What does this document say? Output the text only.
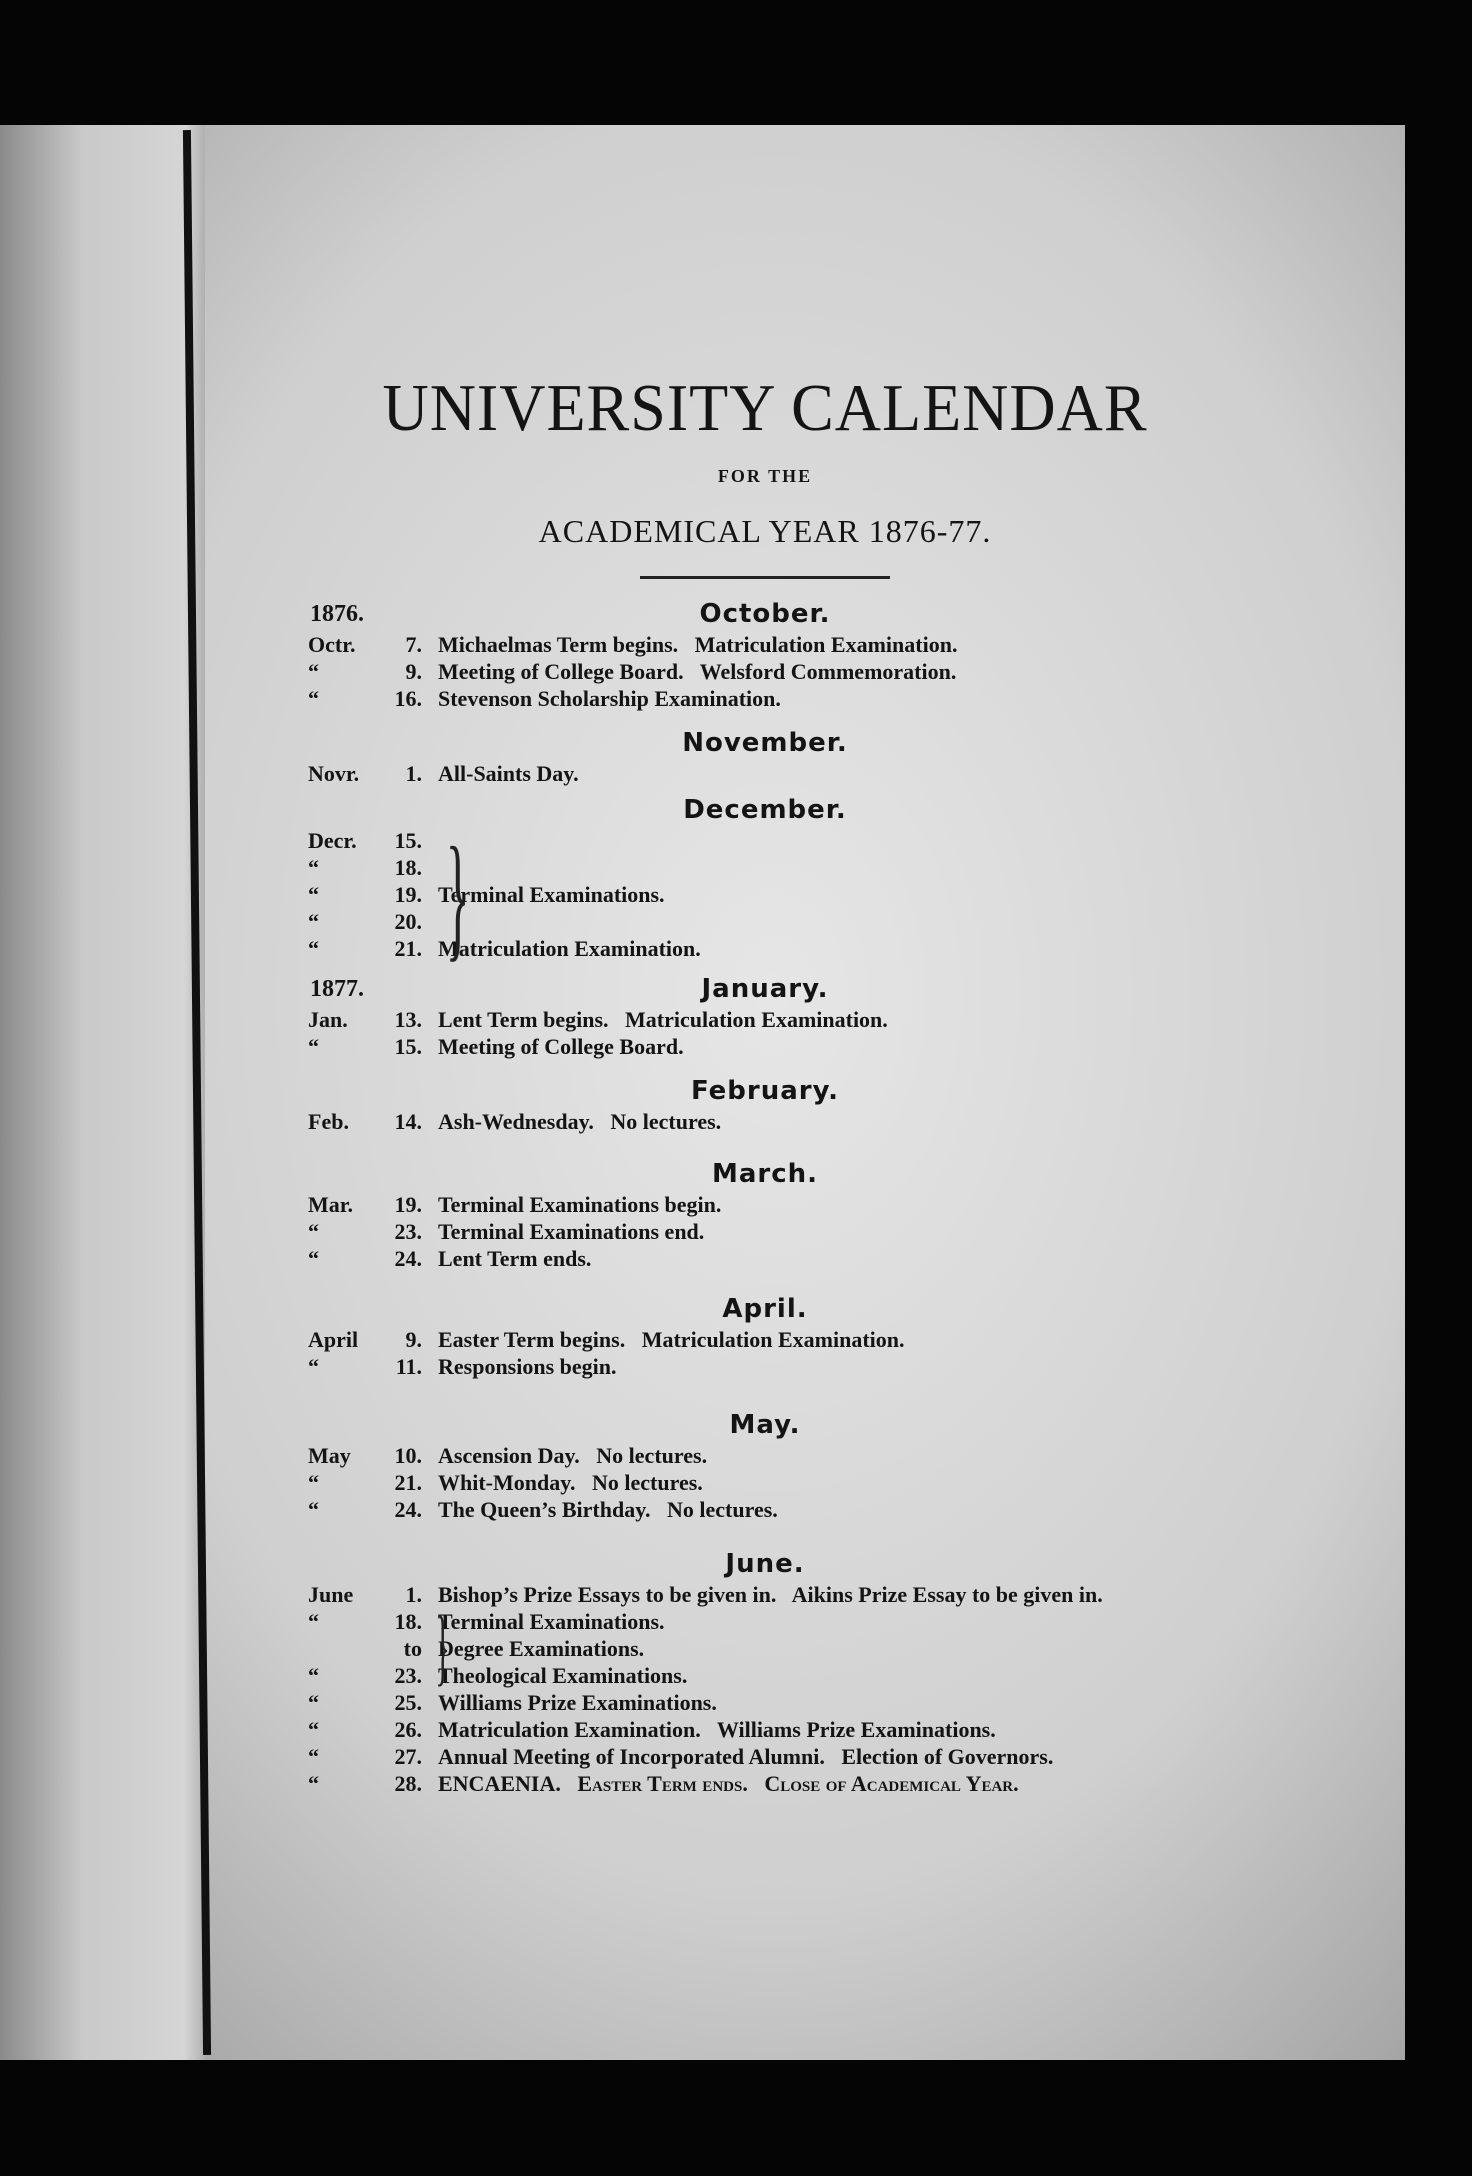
UNIVERSITY CALENDAR
FOR THE
ACADEMICAL YEAR 1876-77.
1876.	October.
Octr.	7. Michaelmas Term begins.   Matriculation Examination.
“	9. Meeting of College Board.   Welsford Commemoration.
“	16. Stevenson Scholarship Examination.
November.
Novr.	1. All-Saints Day.
December.
Decr.	15.
“	18.
“	19. Terminal Examinations.
“	20.
“	21. Matriculation Examination.
}
1877.	January.
Jan.	13. Lent Term begins.   Matriculation Examination.
“	15. Meeting of College Board.
February.
Feb.	14. Ash-Wednesday.   No lectures.
March.
Mar.	19. Terminal Examinations begin.
“	23. Terminal Examinations end.
“	24. Lent Term ends.
April.
April	9. Easter Term begins.   Matriculation Examination.
“	11. Responsions begin.
May.
May	10. Ascension Day.   No lectures.
“	21. Whit-Monday.   No lectures.
“	24. The Queen’s Birthday.   No lectures.
June.
June	1. Bishop’s Prize Essays to be given in.   Aikins Prize Essay to be given in.
“	18. Terminal Examinations.
to Degree Examinations.
“	23. Theological Examinations.
“	25. Williams Prize Examinations.
“	26. Matriculation Examination.   Williams Prize Examinations.
“	27. Annual Meeting of Incorporated Alumni.   Election of Governors.
“	28. ENCAENIA.   Easter Term ends.   Close of Academical Year.
}
